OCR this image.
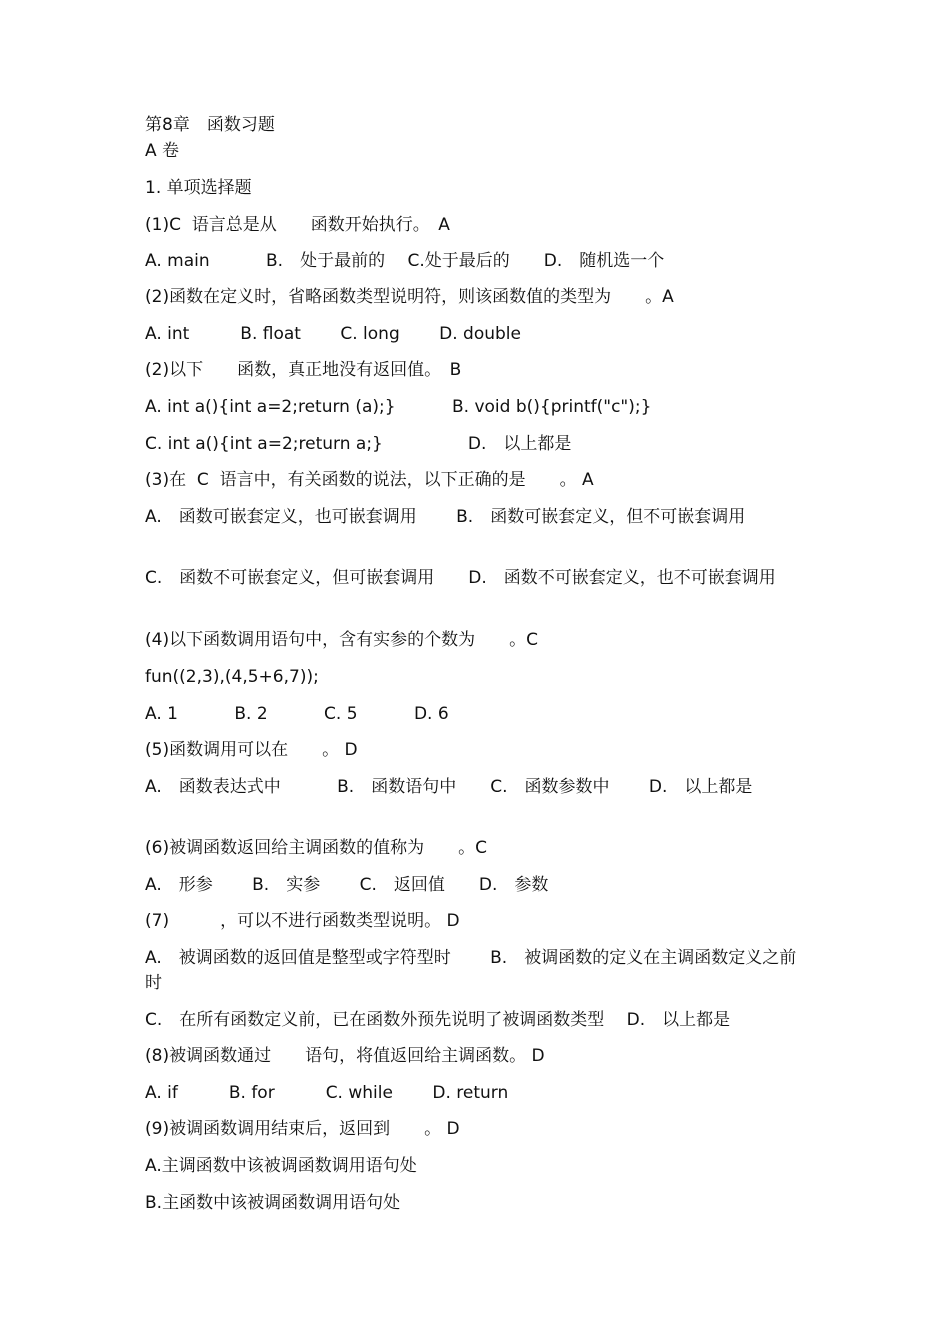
第8章　函数习题
A 卷
1. 单项选择题
(1)C  语言总是从　　函数开始执行。　A
A. main　　　 B.　处于最前的　 C.处于最后的　　D.　随机选一个
(2)函数在定义时，省略函数类型说明符，则该函数值的类型为　　。A
A. int　　　B. float　　 C. long　　 D. double
(2)以下　　函数，真正地没有返回值。　B
A. int a(){int a=2;return (a);}　　　 B. void b(){printf("c");}
C. int a(){int a=2;return a;}　　　　　D.　以上都是
(3)在  C  语言中，有关函数的说法，以下正确的是　　。 A
A.　函数可嵌套定义，也可嵌套调用　　 B.　函数可嵌套定义，但不可嵌套调用
C.　函数不可嵌套定义，但可嵌套调用　　D.　函数不可嵌套定义，也不可嵌套调用
(4)以下函数调用语句中，含有实参的个数为　　。C
fun((2,3),(4,5+6,7));
A. 1　　　 B. 2　　　 C. 5　　　 D. 6
(5)函数调用可以在　　。 D
A.　函数表达式中　　　 B.　函数语句中　　C.　函数参数中　　 D.　以上都是
(6)被调函数返回给主调函数的值称为　　。C
A.　形参　　 B.　实参　　 C.　返回值　　D.　参数
(7)　　　，可以不进行函数类型说明。 D
A.　被调函数的返回值是整型或字符型时　　 B.　被调函数的定义在主调函数定义之前时
C.　在所有函数定义前，已在函数外预先说明了被调函数类型　 D.　以上都是
(8)被调函数通过　　语句，将值返回给主调函数。 D
A. if　　　B. for　　　C. while　　 D. return
(9)被调函数调用结束后，返回到　　。 D
A.主调函数中该被调函数调用语句处
B.主函数中该被调函数调用语句处
